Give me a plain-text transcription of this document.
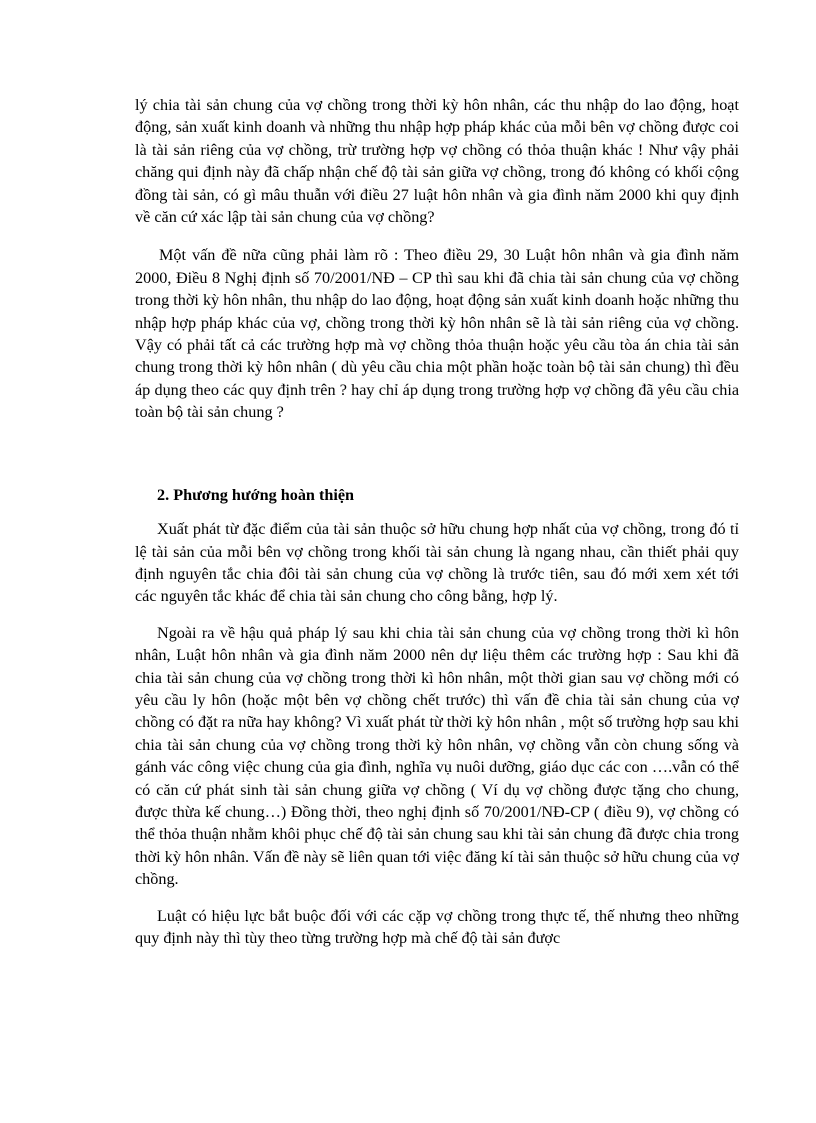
lý chia tài sản chung của vợ chồng trong thời kỳ hôn nhân, các thu nhập do lao động, hoạt động, sản xuất kinh doanh và những thu nhập hợp pháp khác của mỗi bên vợ chồng được coi là tài sản riêng của vợ chồng, trừ trường hợp vợ chồng có thỏa thuận khác ! Như vậy phải chăng qui định này đã chấp nhận chế độ tài sản giữa vợ chồng, trong đó không có khối cộng đồng tài sản, có gì mâu thuẫn với điều 27 luật hôn nhân và gia đình năm 2000 khi quy định về căn cứ xác lập tài sản chung của vợ chồng?

Một vấn đề nữa cũng phải làm rõ : Theo điều 29, 30 Luật hôn nhân và gia đình năm 2000, Điều 8 Nghị định số 70/2001/NĐ – CP thì sau khi đã chia tài sản chung của vợ chồng trong thời kỳ hôn nhân, thu nhập do lao động, hoạt động sản xuất kinh doanh hoặc những thu nhập hợp pháp khác của vợ, chồng trong thời kỳ hôn nhân sẽ là tài sản riêng của vợ chồng. Vậy có phải tất cả các trường hợp mà vợ chồng thỏa thuận hoặc yêu cầu tòa án chia tài sản chung trong thời kỳ hôn nhân ( dù yêu cầu chia một phần hoặc toàn bộ tài sản chung) thì đều áp dụng theo các quy định trên ? hay chỉ áp dụng trong trường hợp vợ chồng đã yêu cầu chia toàn bộ tài sản chung ?

2. Phương hướng hoàn thiện

Xuất phát từ đặc điểm của tài sản thuộc sở hữu chung hợp nhất của vợ chồng, trong đó tỉ lệ tài sản của mỗi bên vợ chồng trong khối tài sản chung là ngang nhau, cần thiết phải quy định nguyên tắc chia đôi tài sản chung của vợ chồng là trước tiên, sau đó mới xem xét tới các nguyên tắc khác để chia tài sản chung cho công bằng, hợp lý.

Ngoài ra về hậu quả pháp lý sau khi chia tài sản chung của vợ chồng trong thời kì hôn nhân, Luật hôn nhân và gia đình năm 2000 nên dự liệu thêm các trường hợp : Sau khi đã chia tài sản chung của vợ chồng trong thời kì hôn nhân, một thời gian sau vợ chồng mới có yêu cầu ly hôn (hoặc một bên vợ chồng chết trước) thì vấn đề chia tài sản chung của vợ chồng có đặt ra nữa hay không? Vì xuất phát từ thời kỳ hôn nhân , một số trường hợp sau khi chia tài sản chung của vợ chồng trong thời kỳ hôn nhân, vợ chồng vẫn còn chung sống và gánh vác công việc chung của gia đình, nghĩa vụ nuôi dưỡng, giáo dục các con ….vẫn có thể có căn cứ phát sinh tài sản chung giữa vợ chồng ( Ví dụ vợ chồng được tặng cho chung, được thừa kế chung…) Đồng thời, theo nghị định số 70/2001/NĐ-CP ( điều 9), vợ chồng có thể thỏa thuận nhằm khôi phục chế độ tài sản chung sau khi tài sản chung đã được chia trong thời kỳ hôn nhân. Vấn đề này sẽ liên quan tới việc đăng kí tài sản thuộc sở hữu chung của vợ chồng.

Luật có hiệu lực bắt buộc đối với các cặp vợ chồng trong thực tế, thế nhưng theo những quy định này thì tùy theo từng trường hợp mà chế độ tài sản được
